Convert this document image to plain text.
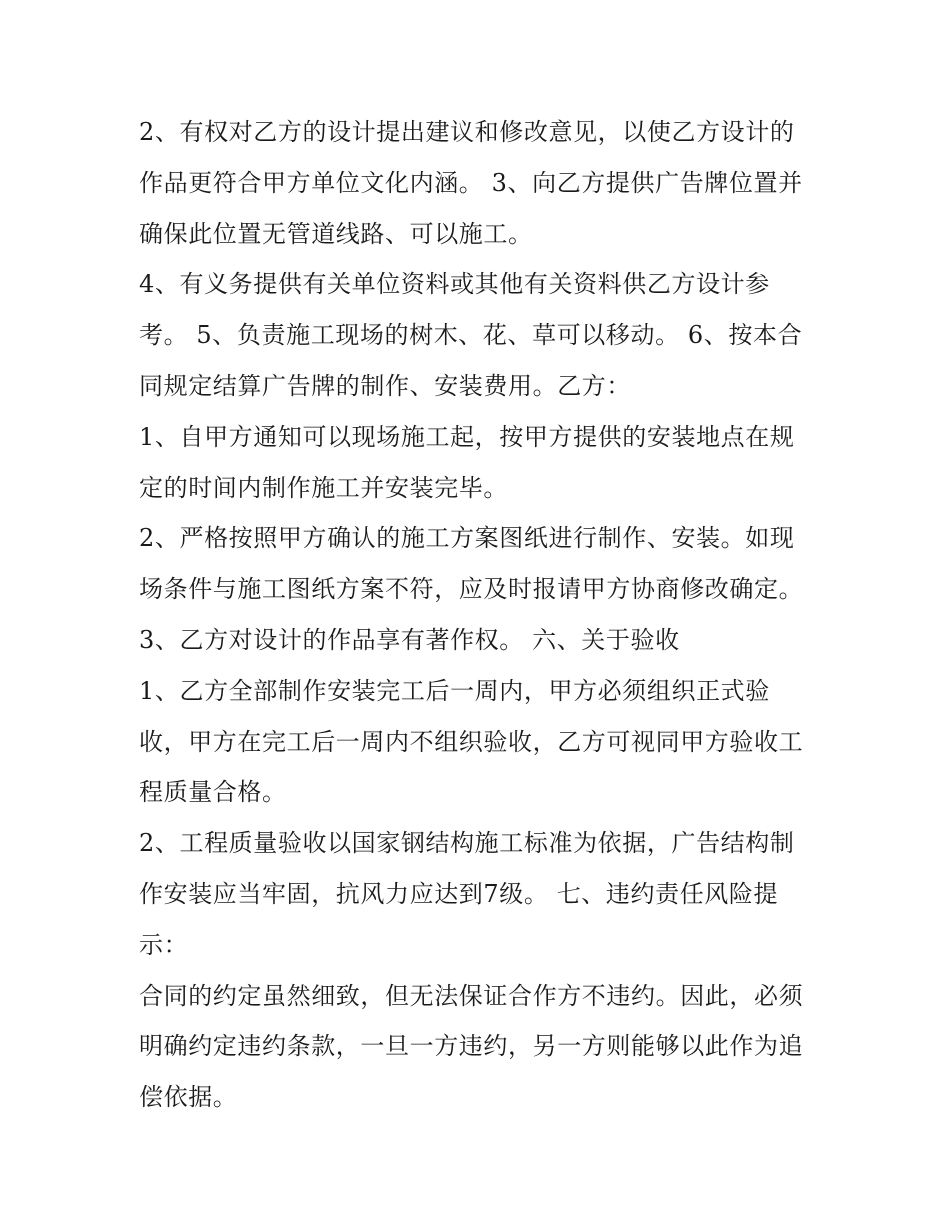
2、有权对乙方的设计提出建议和修改意见，以使乙方设计的
作品更符合甲方单位文化内涵。 3、向乙方提供广告牌位置并
确保此位置无管道线路、可以施工。
4、有义务提供有关单位资料或其他有关资料供乙方设计参
考。 5、负责施工现场的树木、花、草可以移动。 6、按本合
同规定结算广告牌的制作、安装费用。乙方：
1、自甲方通知可以现场施工起，按甲方提供的安装地点在规
定的时间内制作施工并安装完毕。
2、严格按照甲方确认的施工方案图纸进行制作、安装。如现
场条件与施工图纸方案不符，应及时报请甲方协商修改确定。
3、乙方对设计的作品享有著作权。 六、关于验收
1、乙方全部制作安装完工后一周内，甲方必须组织正式验
收，甲方在完工后一周内不组织验收，乙方可视同甲方验收工
程质量合格。
2、工程质量验收以国家钢结构施工标准为依据，广告结构制
作安装应当牢固，抗风力应达到7级。 七、违约责任风险提
示：
合同的约定虽然细致，但无法保证合作方不违约。因此，必须
明确约定违约条款，一旦一方违约，另一方则能够以此作为追
偿依据。
